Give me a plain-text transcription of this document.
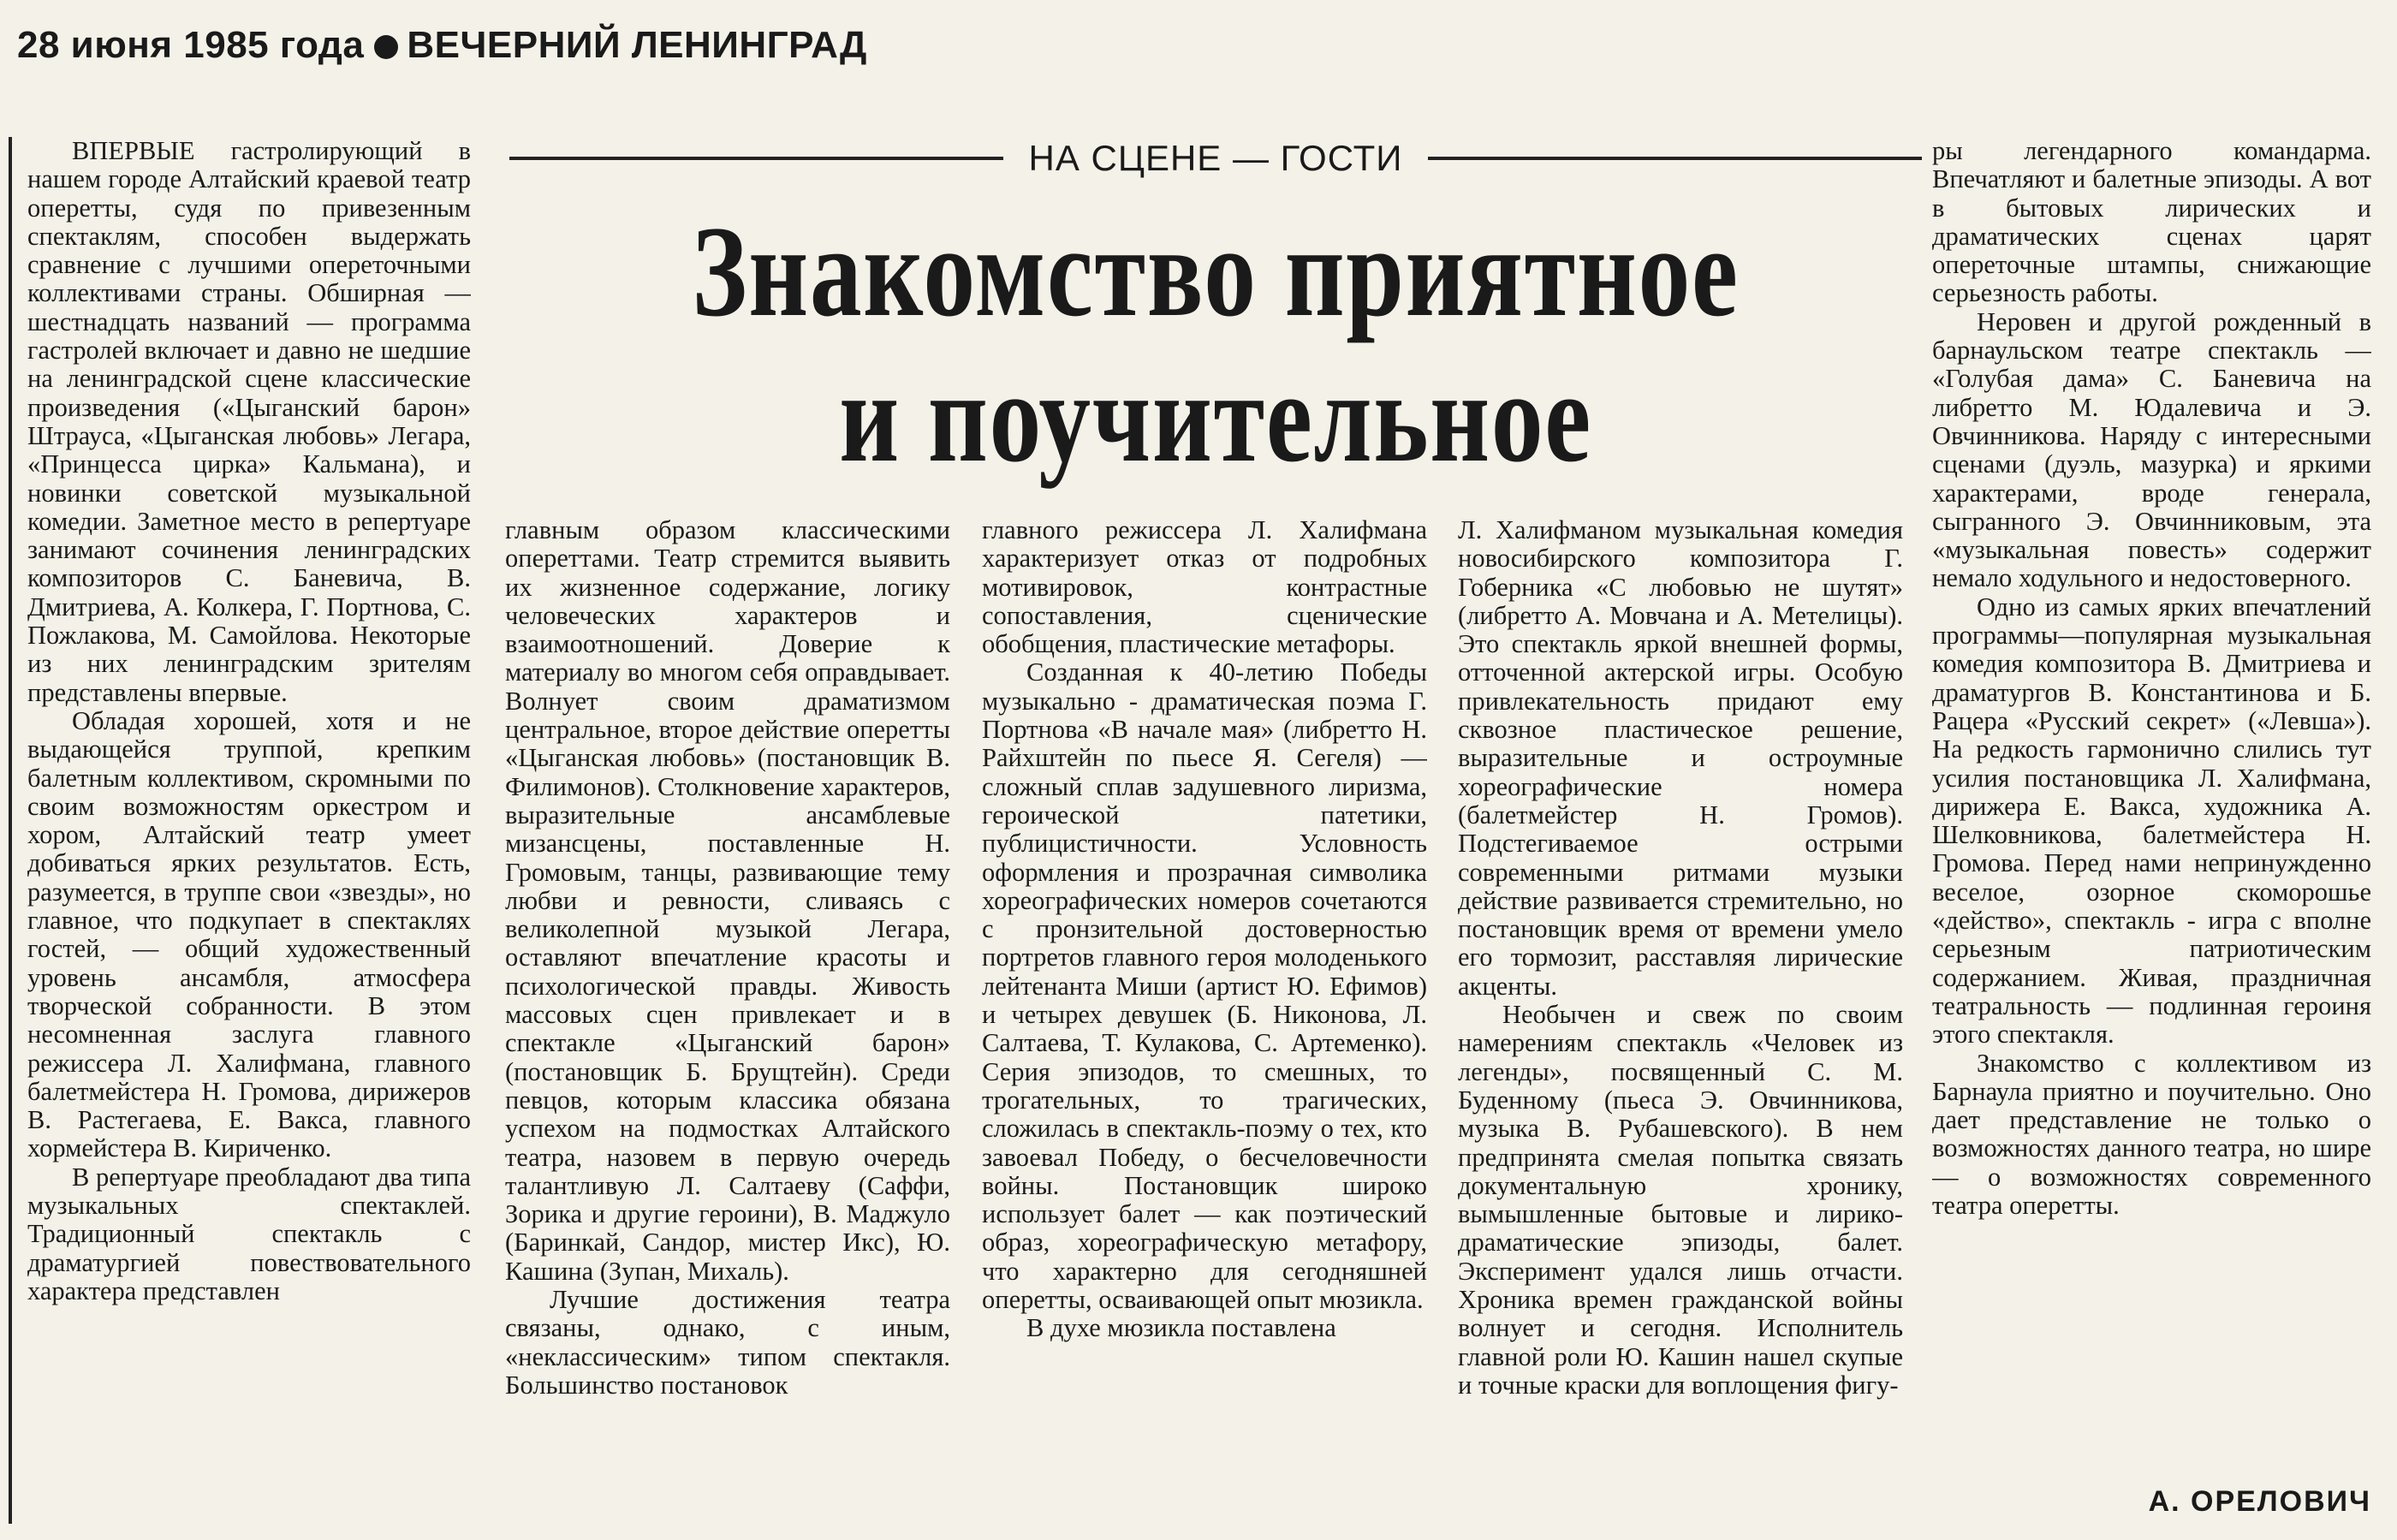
28 июня 1985 года ВЕЧЕРНИЙ ЛЕНИНГРАД
НА СЦЕНЕ — ГОСТИ
Знакомство приятное
и поучительное

ВПЕРВЫЕ гастролирующий в нашем городе Алтайский краевой театр оперетты, судя по привезенным спектаклям, способен выдержать сравнение с лучшими опереточными коллективами страны. Обширная — шестнадцать названий — программа гастролей включает и давно не шедшие на ленинградской сцене классические произведения («Цыганский барон» Штрауса, «Цыганская любовь» Легара, «Принцесса цирка» Кальмана), и новинки советской музыкальной комедии. Заметное место в репертуаре занимают сочинения ленинградских композиторов С. Баневича, В. Дмитриева, А. Колкера, Г. Портнова, С. Пожлакова, М. Самойлова. Некоторые из них ленинградским зрителям представлены впервые.

Обладая хорошей, хотя и не выдающейся труппой, крепким балетным коллективом, скромными по своим возможностям оркестром и хором, Алтайский театр умеет добиваться ярких результатов. Есть, разумеется, в труппе свои «звезды», но главное, что подкупает в спектаклях гостей, — общий художественный уровень ансамбля, атмосфера творческой собранности. В этом несомненная заслуга главного режиссера Л. Халифмана, главного балетмейстера Н. Громова, дирижеров В. Растегаева, Е. Вакса, главного хормейстера В. Кириченко.

В репертуаре преобладают два типа музыкальных спектаклей. Традиционный спектакль с драматургией повествовательного характера представлен

главным образом классическими опереттами. Театр стремится выявить их жизненное содержание, логику человеческих характеров и взаимоотношений. Доверие к материалу во многом себя оправдывает. Волнует своим драматизмом центральное, второе действие оперетты «Цыганская любовь» (постановщик В. Филимонов). Столкновение характеров, выразительные ансамблевые мизансцены, поставленные Н. Громовым, танцы, развивающие тему любви и ревности, сливаясь с великолепной музыкой Легара, оставляют впечатление красоты и психологической правды. Живость массовых сцен привлекает и в спектакле «Цыганский барон» (постановщик Б. Брущтейн). Среди певцов, которым классика обязана успехом на подмостках Алтайского театра, назовем в первую очередь талантливую Л. Салтаеву (Саффи, Зорика и другие героини), В. Маджуло (Баринкай, Сандор, мистер Икс), Ю. Кашина (Зупан, Михаль).

Лучшие достижения театра связаны, однако, с иным, «неклассическим» типом спектакля. Большинство постановок

главного режиссера Л. Халифмана характеризует отказ от подробных мотивировок, контрастные сопоставления, сценические обобщения, пластические метафоры.

Созданная к 40-летию Победы музыкально - драматическая поэма Г. Портнова «В начале мая» (либретто Н. Райхштейн по пьесе Я. Сегеля) — сложный сплав задушевного лиризма, героической патетики, публицистичности. Условность оформления и прозрачная символика хореографических номеров сочетаются с пронзительной достоверностью портретов главного героя молоденького лейтенанта Миши (артист Ю. Ефимов) и четырех девушек (Б. Никонова, Л. Салтаева, Т. Кулакова, С. Артеменко). Серия эпизодов, то смешных, то трогательных, то трагических, сложилась в спектакль-поэму о тех, кто завоевал Победу, о бесчеловечности войны. Постановщик широко использует балет — как поэтический образ, хореографическую метафору, что характерно для сегодняшней оперетты, осваивающей опыт мюзикла.

В духе мюзикла поставлена

Л. Халифманом музыкальная комедия новосибирского композитора Г. Гоберника «С любовью не шутят» (либретто А. Мовчана и А. Метелицы). Это спектакль яркой внешней формы, отточенной актерской игры. Особую привлекательность придают ему сквозное пластическое решение, выразительные и остроумные хореографические номера (балетмейстер Н. Громов). Подстегиваемое острыми современными ритмами музыки действие развивается стремительно, но постановщик время от времени умело его тормозит, расставляя лирические акценты.

Необычен и свеж по своим намерениям спектакль «Человек из легенды», посвященный С. М. Буденному (пьеса Э. Овчинникова, музыка В. Рубашевского). В нем предпринята смелая попытка связать документальную хронику, вымышленные бытовые и лирико-драматические эпизоды, балет. Эксперимент удался лишь отчасти. Хроника времен гражданской войны волнует и сегодня. Исполнитель главной роли Ю. Кашин нашел скупые и точные краски для воплощения фигу-

ры легендарного командарма. Впечатляют и балетные эпизоды. А вот в бытовых лирических и драматических сценах царят опереточные штампы, снижающие серьезность работы.

Неровен и другой рожденный в барнаульском театре спектакль — «Голубая дама» С. Баневича на либретто М. Юдалевича и Э. Овчинникова. Наряду с интересными сценами (дуэль, мазурка) и яркими характерами, вроде генерала, сыгранного Э. Овчинниковым, эта «музыкальная повесть» содержит немало ходульного и недостоверного.

Одно из самых ярких впечатлений программы—популярная музыкальная комедия композитора В. Дмитриева и драматургов В. Константинова и Б. Рацера «Русский секрет» («Левша»). На редкость гармонично слились тут усилия постановщика Л. Халифмана, дирижера Е. Вакса, художника А. Шелковникова, балетмейстера Н. Громова. Перед нами непринужденно веселое, озорное скоморошье «действо», спектакль - игра с вполне серьезным патриотическим содержанием. Живая, праздничная театральность — подлинная героиня этого спектакля.

Знакомство с коллективом из Барнаула приятно и поучительно. Оно дает представление не только о возможностях данного театра, но шире — о возможностях современного театра оперетты.

А. ОРЕЛОВИЧ
